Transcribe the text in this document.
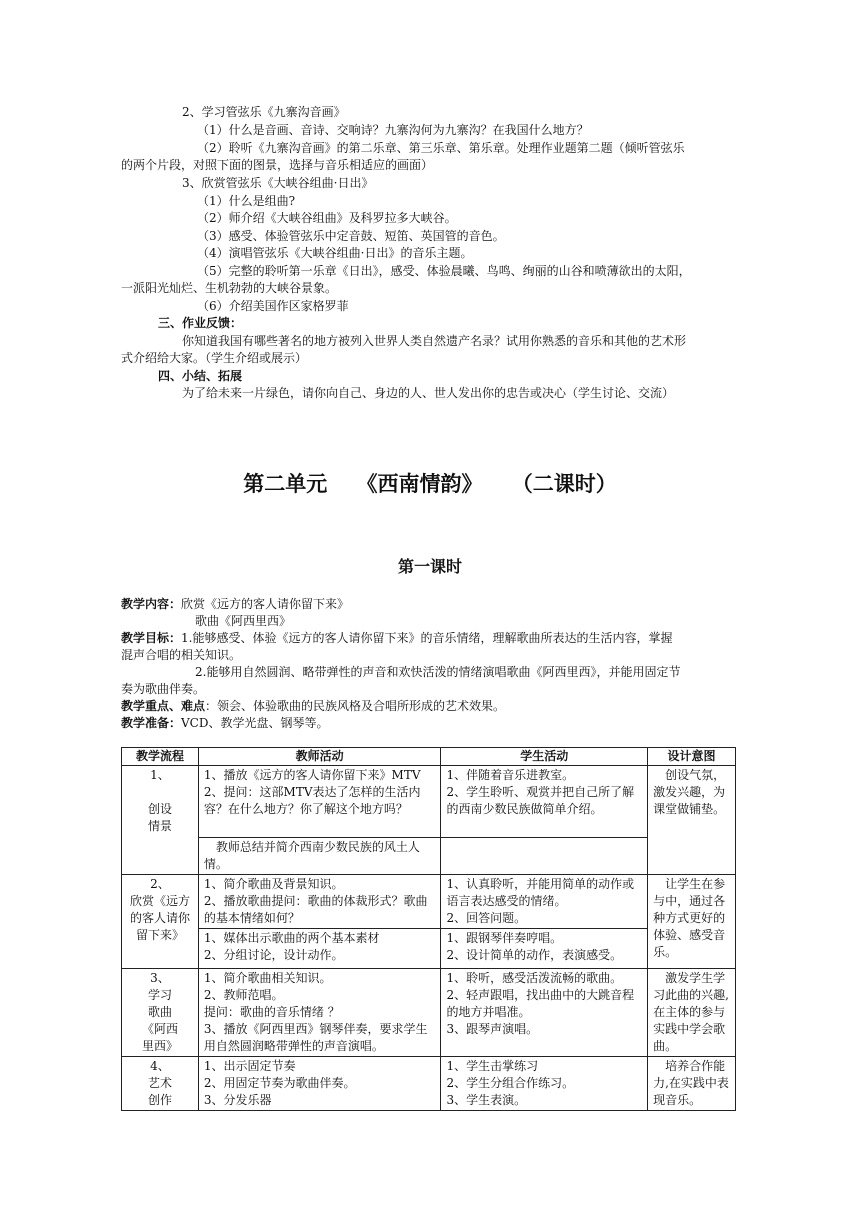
2、学习管弦乐《九寨沟音画》
（1）什么是音画、音诗、交响诗？九寨沟何为九寨沟？在我国什么地方？
（2）聆听《九寨沟音画》的第二乐章、第三乐章、第乐章。处理作业题第二题（倾听管弦乐
的两个片段，对照下面的图景，选择与音乐相适应的画面）
3、欣赏管弦乐《大峡谷组曲·日出》
（1）什么是组曲?
（2）师介绍《大峡谷组曲》及科罗拉多大峡谷。
（3）感受、体验管弦乐中定音鼓、短笛、英国管的音色。
（4）演唱管弦乐《大峡谷组曲·日出》的音乐主题。
（5）完整的聆听第一乐章《日出》，感受、体验晨曦、鸟鸣、绚丽的山谷和喷薄欲出的太阳，
一派阳光灿烂、生机勃勃的大峡谷景象。
（6）介绍美国作区家格罗菲
三、作业反馈：
你知道我国有哪些著名的地方被列入世界人类自然遗产名录？试用你熟悉的音乐和其他的艺术形
式介绍给大家。（学生介绍或展示）
四、小结、拓展
为了给未来一片绿色，请你向自己、身边的人、世人发出你的忠告或决心（学生讨论、交流）
第二单元    《西南情韵》    （二课时）
第一课时
教学内容：欣赏《远方的客人请你留下来》
歌曲《阿西里西》
教学目标：1.能够感受、体验《远方的客人请你留下来》的音乐情绪，理解歌曲所表达的生活内容，掌握
混声合唱的相关知识。
2.能够用自然圆润、略带弹性的声音和欢快活泼的情绪演唱歌曲《阿西里西》，并能用固定节
奏为歌曲伴奏。
教学重点、难点：领会、体验歌曲的民族风格及合唱所形成的艺术效果。
教学准备：VCD、教学光盘、钢琴等。
教学流程	教师活动	学生活动	设计意图

1、

创设
情景	1、播放《远方的客人请你留下来》MTV
2、提问：这部MTV表达了怎样的生活内容？在什么地方？你了解这个地方吗？	1、伴随着音乐进教室。
2、学生聆听、观赏并把自己所了解的西南少数民族做简单介绍。	创设气氛，激发兴趣，为课堂做铺垫。

	教师总结并简介西南少数民族的风土人情。		

2、
欣赏《远方的客人请你留下来》	1、简介歌曲及背景知识。
2、播放歌曲提问：歌曲的体裁形式？歌曲的基本情绪如何？	1、认真聆听，并能用简单的动作或语言表达感受的情绪。
2、回答问题。	让学生在参与中，通过各种方式更好的体验、感受音乐。

	1、媒体出示歌曲的两个基本素材
2、分组讨论，设计动作。	1、跟钢琴伴奏哼唱。
2、设计简单的动作，表演感受。	

3、
学习
歌曲
《阿西
里西》	1、简介歌曲相关知识。
2、教师范唱。
提问：歌曲的音乐情绪 ？
3、播放《阿西里西》钢琴伴奏，要求学生用自然圆润略带弹性的声音演唱。	1、聆听，感受活泼流畅的歌曲。
2、轻声跟唱，找出曲中的大跳音程的地方并唱准。
3、跟琴声演唱。	激发学生学习此曲的兴趣,在主体的参与实践中学会歌曲。

4、
艺术
创作	1、出示固定节奏
2、用固定节奏为歌曲伴奏。
3、分发乐器	1、学生击掌练习
2、学生分组合作练习。
3、学生表演。	培养合作能力,在实践中表现音乐。
